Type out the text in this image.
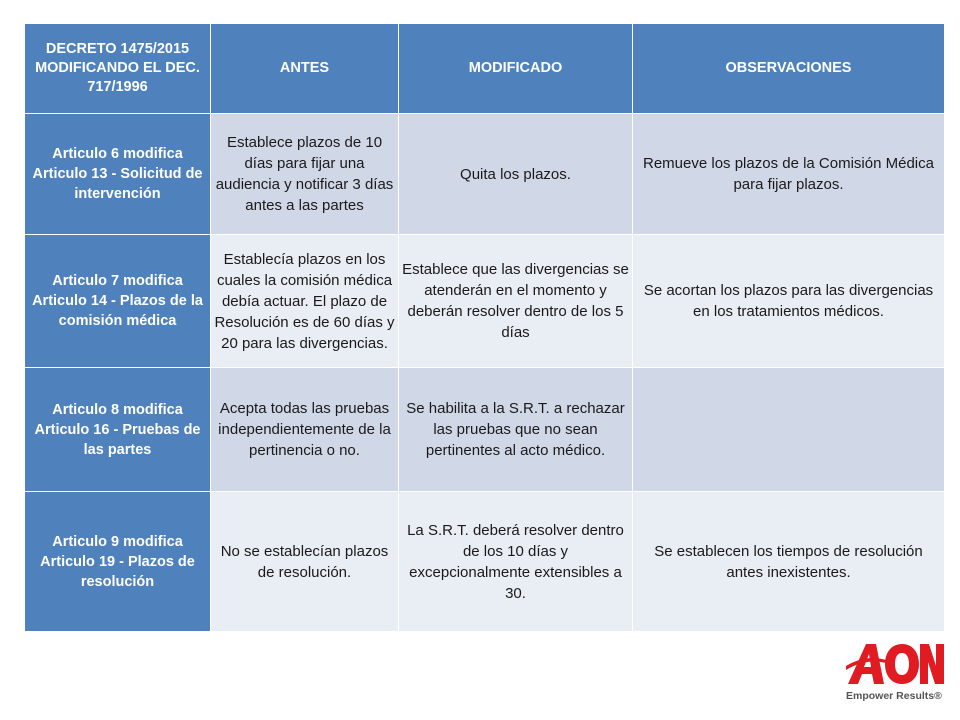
DECRETO 1475/2015 MODIFICANDO EL DEC. 717/1996	ANTES	MODIFICADO	OBSERVACIONES
Articulo 6 modifica Articulo 13 - Solicitud de intervención	Establece plazos de 10 días para fijar una audiencia y notificar 3 días antes a las partes	Quita los plazos.	Remueve los plazos de la Comisión Médica para fijar plazos.
Articulo 7 modifica Articulo 14 - Plazos de la comisión médica	Establecía plazos en los cuales la comisión médica debía actuar. El plazo de Resolución es de 60 días y 20 para las divergencias.	Establece que las divergencias se atenderán en el momento y deberán resolver dentro de los 5 días	Se acortan los plazos para las divergencias en los tratamientos médicos.
Articulo 8 modifica Articulo 16 - Pruebas de las partes	Acepta todas las pruebas independientemente de la pertinencia o no.	Se habilita a la S.R.T. a rechazar las pruebas que no sean pertinentes al acto médico.	
Articulo 9 modifica Articulo 19 - Plazos de resolución	No se establecían plazos de resolución.	La S.R.T. deberá resolver dentro de los 10 días y excepcionalmente extensibles a 30.	Se establecen los tiempos de resolución antes inexistentes.
Empower Results®
